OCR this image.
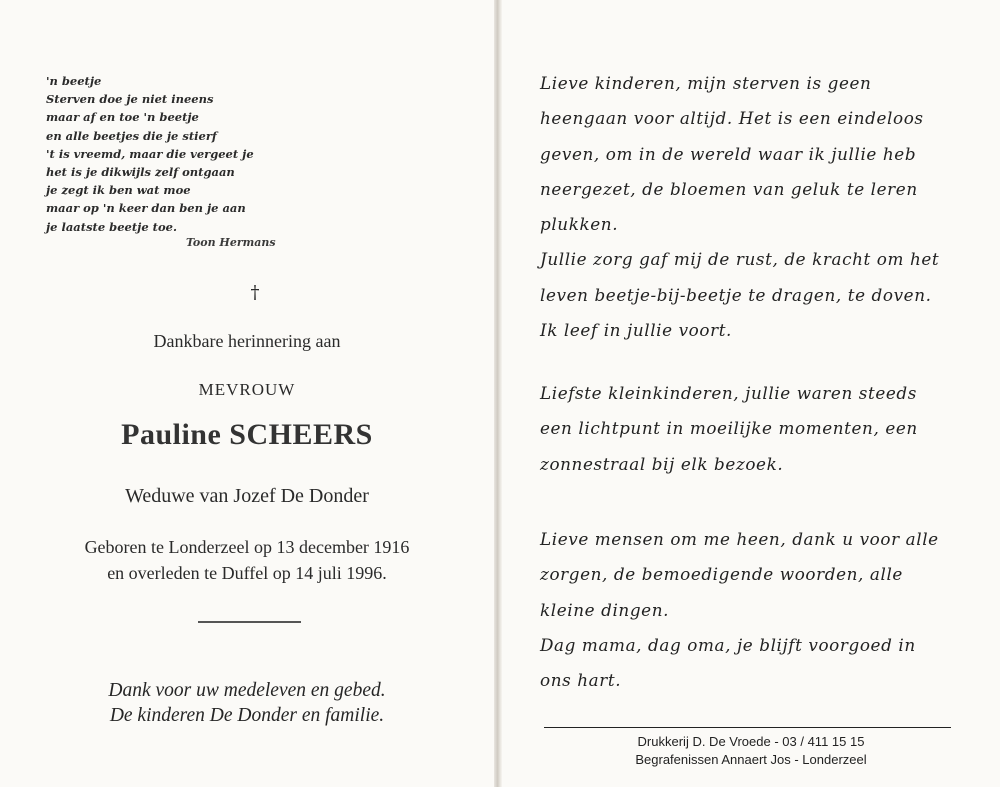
'n beetje
Sterven doe je niet ineens
maar af en toe 'n beetje
en alle beetjes die je stierf
't is vreemd, maar die vergeet je
het is je dikwijls zelf ontgaan
je zegt ik ben wat moe
maar op 'n keer dan ben je aan
je laatste beetje toe.
Toon Hermans
†
Dankbare herinnering aan
MEVROUW
Pauline SCHEERS
Weduwe van Jozef De Donder
Geboren te Londerzeel op 13 december 1916
en overleden te Duffel op 14 juli 1996.
Dank voor uw medeleven en gebed.
De kinderen De Donder en familie.
Lieve kinderen, mijn sterven is geen
heengaan voor altijd. Het is een eindeloos
geven, om in de wereld waar ik jullie heb
neergezet, de bloemen van geluk te leren
plukken.
Jullie zorg gaf mij de rust, de kracht om het
leven beetje-bij-beetje te dragen, te doven.
Ik leef in jullie voort.
Liefste kleinkinderen, jullie waren steeds
een lichtpunt in moeilijke momenten, een
zonnestraal bij elk bezoek.
Lieve mensen om me heen, dank u voor alle
zorgen, de bemoedigende woorden, alle
kleine dingen.
Dag mama, dag oma, je blijft voorgoed in
ons hart.
Drukkerij D. De Vroede - 03 / 411 15 15
Begrafenissen Annaert Jos - Londerzeel
